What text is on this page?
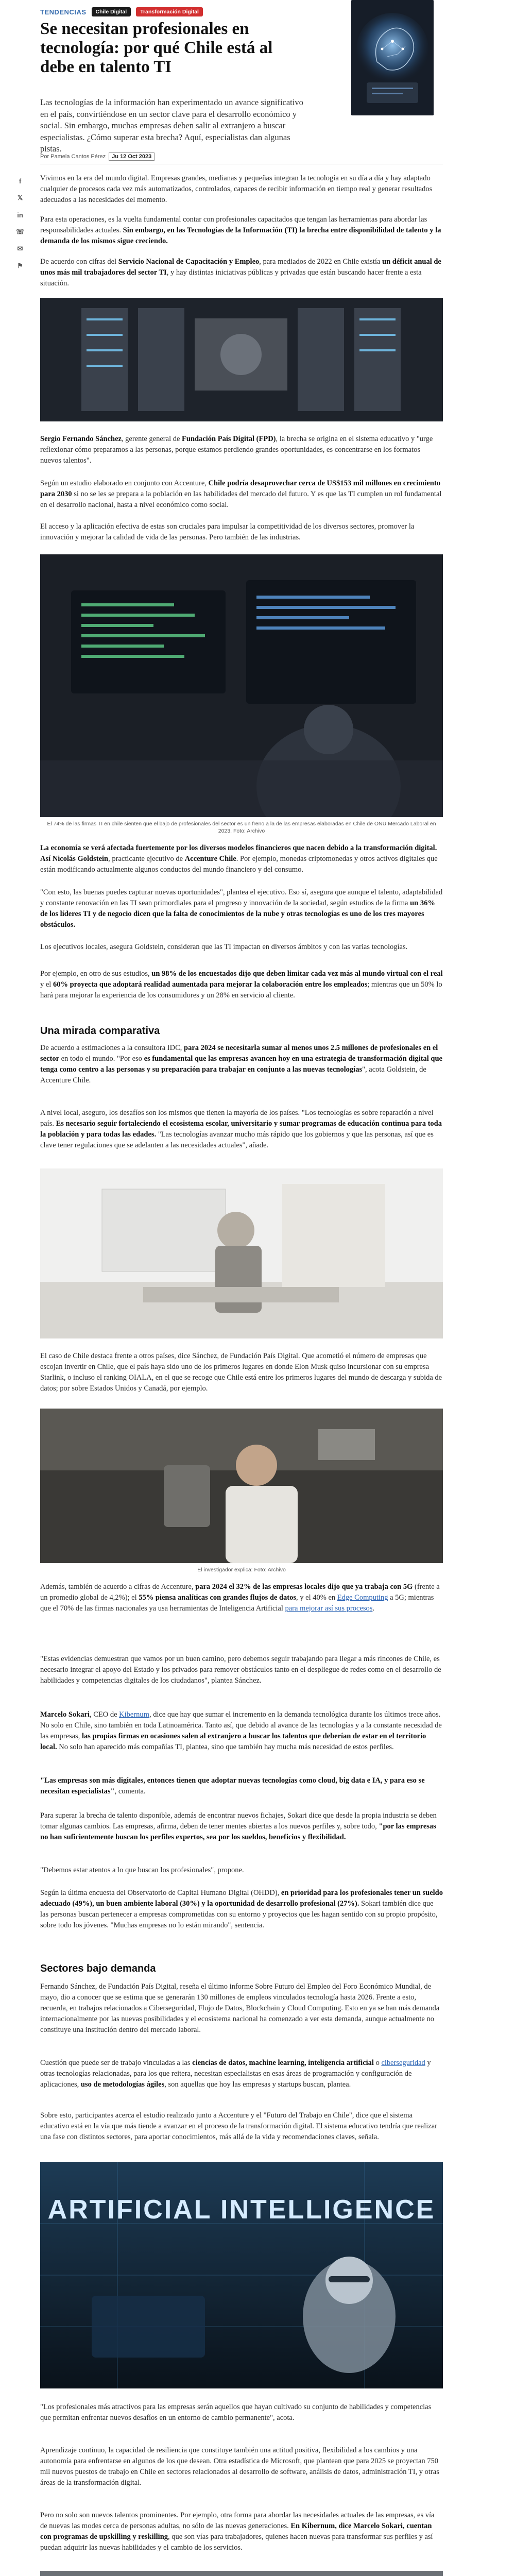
TENDENCIAS	Chile Digital	Transformación Digital
Se necesitan profesionales en tecnología: por qué Chile está al debe en talento TI

Las tecnologías de la información han experimentado un avance significativo en el país, convirtiéndose en un sector clave para el desarrollo económico y social. Sin embargo, muchas empresas deben salir al extranjero a buscar especialistas. ¿Cómo superar esta brecha? Aquí, especialistas dan algunas pistas.

Por Pamela Cantos Pérez	Ju 12 Oct 2023
f
𝕏
in
☏
✉
⚑

Vivimos en la era del mundo digital. Empresas grandes, medianas y pequeñas integran la tecnología en su día a día y hay adaptado cualquier de procesos cada vez más automatizados, controlados, capaces de recibir información en tiempo real y generar resultados adecuados a las necesidades del momento.

Para esta operaciones, es la vuelta fundamental contar con profesionales capacitados que tengan las herramientas para abordar las responsabilidades actuales. Sin embargo, en las Tecnologías de la Información (TI) la brecha entre disponibilidad de talento y la demanda de los mismos sigue creciendo.

De acuerdo con cifras del Servicio Nacional de Capacitación y Empleo, para mediados de 2022 en Chile existía un déficit anual de unos más mil trabajadores del sector TI, y hay distintas iniciativas públicas y privadas que están buscando hacer frente a esta situación.

Sergio Fernando Sánchez, gerente general de Fundación País Digital (FPD), la brecha se origina en el sistema educativo y "urge reflexionar cómo preparamos a las personas, porque estamos perdiendo grandes oportunidades, es concentrarse en los formatos nuevos talentos".

Según un estudio elaborado en conjunto con Accenture, Chile podría desaprovechar cerca de US$153 mil millones en crecimiento para 2030 si no se les se prepara a la población en las habilidades del mercado del futuro. Y es que las TI cumplen un rol fundamental en el desarrollo nacional, hasta a nivel económico como social.

El acceso y la aplicación efectiva de estas son cruciales para impulsar la competitividad de los diversos sectores, promover la innovación y mejorar la calidad de vida de las personas. Pero también de las industrias.

El 74% de las firmas TI en chile sienten que el bajo de profesionales del sector es un freno a la de las empresas elaboradas en Chile de ONU Mercado Laboral en 2023. Foto: Archivo

La economía se verá afectada fuertemente por los diversos modelos financieros que nacen debido a la transformación digital. Así Nicolás Goldstein, practicante ejecutivo de Accenture Chile. Por ejemplo, monedas criptomonedas y otros activos digitales que están modificando actualmente algunos conductos del mundo financiero y del consumo.

"Con esto, las buenas puedes capturar nuevas oportunidades", plantea el ejecutivo. Eso sí, asegura que aunque el talento, adaptabilidad y constante renovación en las TI sean primordiales para el progreso y innovación de la sociedad, según estudios de la firma un 36% de los líderes TI y de negocio dicen que la falta de conocimientos de la nube y otras tecnologías es uno de los tres mayores obstáculos.

Los ejecutivos locales, asegura Goldstein, consideran que las TI impactan en diversos ámbitos y con las varias tecnologías.

Por ejemplo, en otro de sus estudios, un 98% de los encuestados dijo que deben limitar cada vez más al mundo virtual con el real y el 60% proyecta que adoptará realidad aumentada para mejorar la colaboración entre los empleados; mientras que un 50% lo hará para mejorar la experiencia de los consumidores y un 28% en servicio al cliente.

Una mirada comparativa

De acuerdo a estimaciones a la consultora IDC, para 2024 se necesitarla sumar al menos unos 2.5 millones de profesionales en el sector en todo el mundo. "Por eso es fundamental que las empresas avancen hoy en una estrategia de transformación digital que tenga como centro a las personas y su preparación para trabajar en conjunto a las nuevas tecnologías", acota Goldstein, de Accenture Chile.

A nivel local, aseguro, los desafíos son los mismos que tienen la mayoría de los países. "Los tecnologías es sobre reparación a nivel país. Es necesario seguir fortaleciendo el ecosistema escolar, universitario y sumar programas de educación continua para toda la población y para todas las edades. "Las tecnologías avanzar mucho más rápido que los gobiernos y que las personas, así que es clave tener regulaciones que se adelanten a las necesidades actuales", añade.

El caso de Chile destaca frente a otros países, dice Sánchez, de Fundación País Digital. Que acometió el número de empresas que escojan invertir en Chile, que el país haya sido uno de los primeros lugares en donde Elon Musk quiso incursionar con su empresa Starlink, o incluso el ranking OIALA, en el que se recoge que Chile está entre los primeros lugares del mundo de descarga y subida de datos; por sobre Estados Unidos y Canadá, por ejemplo.

El investigador explica: Foto: Archivo

Además, también de acuerdo a cifras de Accenture, para 2024 el 32% de las empresas locales dijo que ya trabaja con 5G (frente a un promedio global de 4,2%); el 55% piensa analíticas con grandes flujos de datos, y el 40% en Edge Computing a 5G; mientras que el 70% de las firmas nacionales ya usa herramientas de Inteligencia Artificial para mejorar así sus procesos.

"Estas evidencias demuestran que vamos por un buen camino, pero debemos seguir trabajando para llegar a más rincones de Chile, es necesario integrar el apoyo del Estado y los privados para remover obstáculos tanto en el despliegue de redes como en el desarrollo de habilidades y competencias digitales de los ciudadanos", plantea Sánchez.

Marcelo Sokari, CEO de Kibernum, dice que hay que sumar el incremento en la demanda tecnológica durante los últimos trece años. No solo en Chile, sino también en toda Latinoamérica. Tanto así, que debido al avance de las tecnologías y a la constante necesidad de las empresas, las propias firmas en ocasiones salen al extranjero a buscar los talentos que deberían de estar en el territorio local. No solo han aparecido más compañías TI, plantea, sino que también hay mucha más necesidad de estos perfiles.

"Las empresas son más digitales, entonces tienen que adoptar nuevas tecnologías como cloud, big data e IA, y para eso se necesitan especialistas", comenta.

Para superar la brecha de talento disponible, además de encontrar nuevos fichajes, Sokari dice que desde la propia industria se deben tomar algunas cambios. Las empresas, afirma, deben de tener mentes abiertas a los nuevos perfiles y, sobre todo, "por las empresas no han suficientemente buscan los perfiles expertos, sea por los sueldos, beneficios y flexibilidad.

"Debemos estar atentos a lo que buscan los profesionales", propone.

Según la última encuesta del Observatorio de Capital Humano Digital (OHDD), en prioridad para los profesionales tener un sueldo adecuado (49%), un buen ambiente laboral (30%) y la oportunidad de desarrollo profesional (27%). Sokari también dice que las personas buscan pertenecer a empresas comprometidas con su entorno y proyectos que les hagan sentido con su propio propósito, sobre todo los jóvenes. "Muchas empresas no lo están mirando", sentencia.

Sectores bajo demanda

Fernando Sánchez, de Fundación País Digital, reseña el último informe Sobre Futuro del Empleo del Foro Económico Mundial, de mayo, dio a conocer que se estima que se generarán 130 millones de empleos vinculados tecnología hasta 2026. Frente a esto, recuerda, en trabajos relacionados a Ciberseguridad, Flujo de Datos, Blockchain y Cloud Computing. Esto en ya se han más demanda internacionalmente por las nuevas posibilidades y el ecosistema nacional ha comenzado a ver esta demanda, aunque actualmente no constituye una institución dentro del mercado laboral.

Cuestión que puede ser de trabajo vinculadas a las ciencias de datos, machine learning, inteligencia artificial o ciberseguridad y otras tecnologías relacionadas, para los que reitera, necesitan especialistas en esas áreas de programación y configuración de aplicaciones, uso de metodologías ágiles, son aquellas que hoy las empresas y startups buscan, plantea.

Sobre esto, participantes acerca el estudio realizado junto a Accenture y el "Futuro del Trabajo en Chile", dice que el sistema educativo está en la vía que más tiende a avanzar en el proceso de la transformación digital. El sistema educativo tendría que realizar una fase con distintos sectores, para aportar conocimientos, más allá de la vida y recomendaciones claves, señala.

ARTIFICIAL INTELLIGENCE

"Los profesionales más atractivos para las empresas serán aquellos que hayan cultivado su conjunto de habilidades y competencias que permitan enfrentar nuevos desafíos en un entorno de cambio permanente", acota.

Aprendizaje continuo, la capacidad de resiliencia que constituye también una actitud positiva, flexibilidad a los cambios y una autonomía para enfrentarse en algunos de los que desean. Otra estadística de Microsoft, que plantean que para 2025 se proyectan 750 mil nuevos puestos de trabajo en Chile en sectores relacionados al desarrollo de software, análisis de datos, administración TI, y otras áreas de la transformación digital.

Pero no solo son nuevos talentos prominentes. Por ejemplo, otra forma para abordar las necesidades actuales de las empresas, es vía de nuevas las modes cerca de personas adultas, no sólo de las nuevas generaciones. En Kibernum, dice Marcelo Sokari, cuentan con programas de upskilling y reskilling, que son vías para trabajadores, quienes hacen nuevas para transformar sus perfiles y así puedan adquirir las nuevas habilidades y el cambio de los servicios.
